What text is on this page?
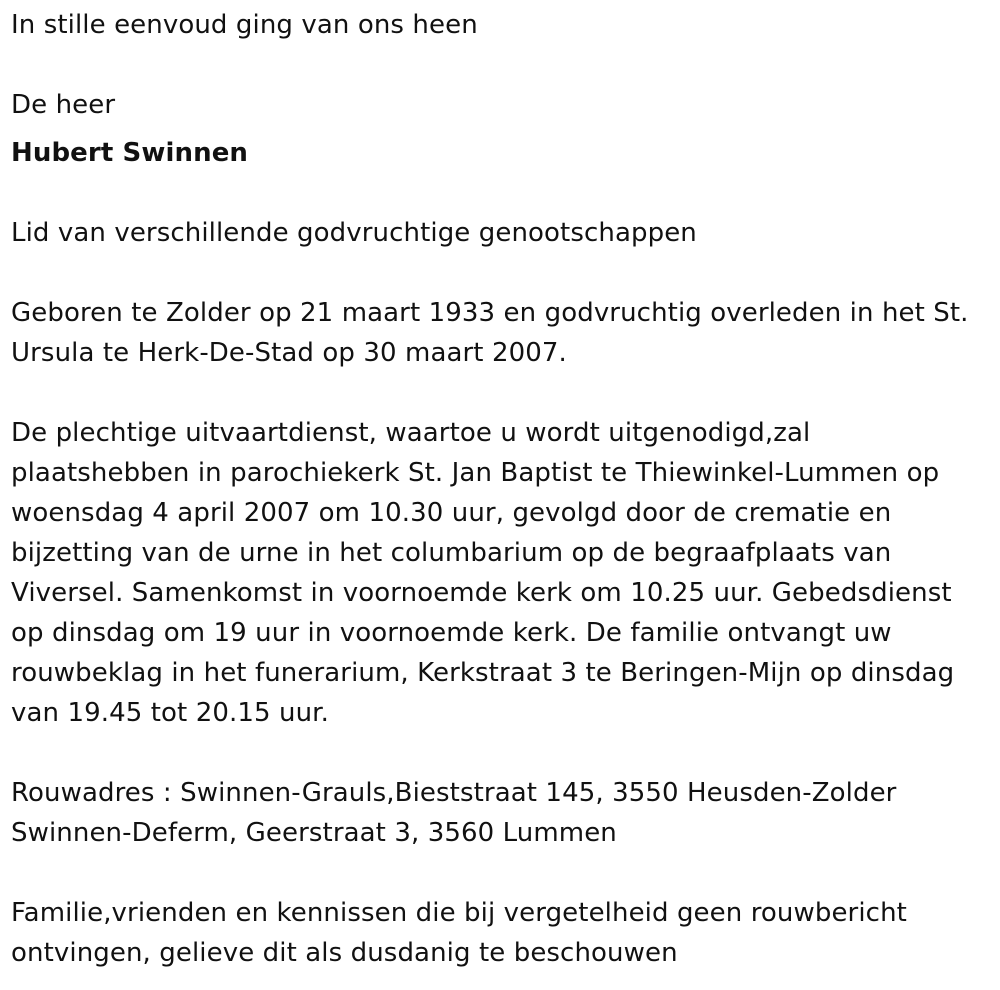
In stille eenvoud ging van ons heen
De heer
Hubert Swinnen
Lid van verschillende godvruchtige genootschappen
Geboren te Zolder op 21 maart 1933 en godvruchtig overleden in het St.
Ursula te Herk-De-Stad op 30 maart 2007.
De plechtige uitvaartdienst, waartoe u wordt uitgenodigd,zal
plaatshebben in parochiekerk St. Jan Baptist te Thiewinkel-Lummen op
woensdag 4 april 2007 om 10.30 uur, gevolgd door de crematie en
bijzetting van de urne in het columbarium op de begraafplaats van
Viversel. Samenkomst in voornoemde kerk om 10.25 uur. Gebedsdienst
op dinsdag om 19 uur in voornoemde kerk. De familie ontvangt uw
rouwbeklag in het funerarium, Kerkstraat 3 te Beringen-Mijn op dinsdag
van 19.45 tot 20.15 uur.
Rouwadres : Swinnen-Grauls,Bieststraat 145, 3550 Heusden-Zolder
Swinnen-Deferm, Geerstraat 3, 3560 Lummen
Familie,vrienden en kennissen die bij vergetelheid geen rouwbericht
ontvingen, gelieve dit als dusdanig te beschouwen
